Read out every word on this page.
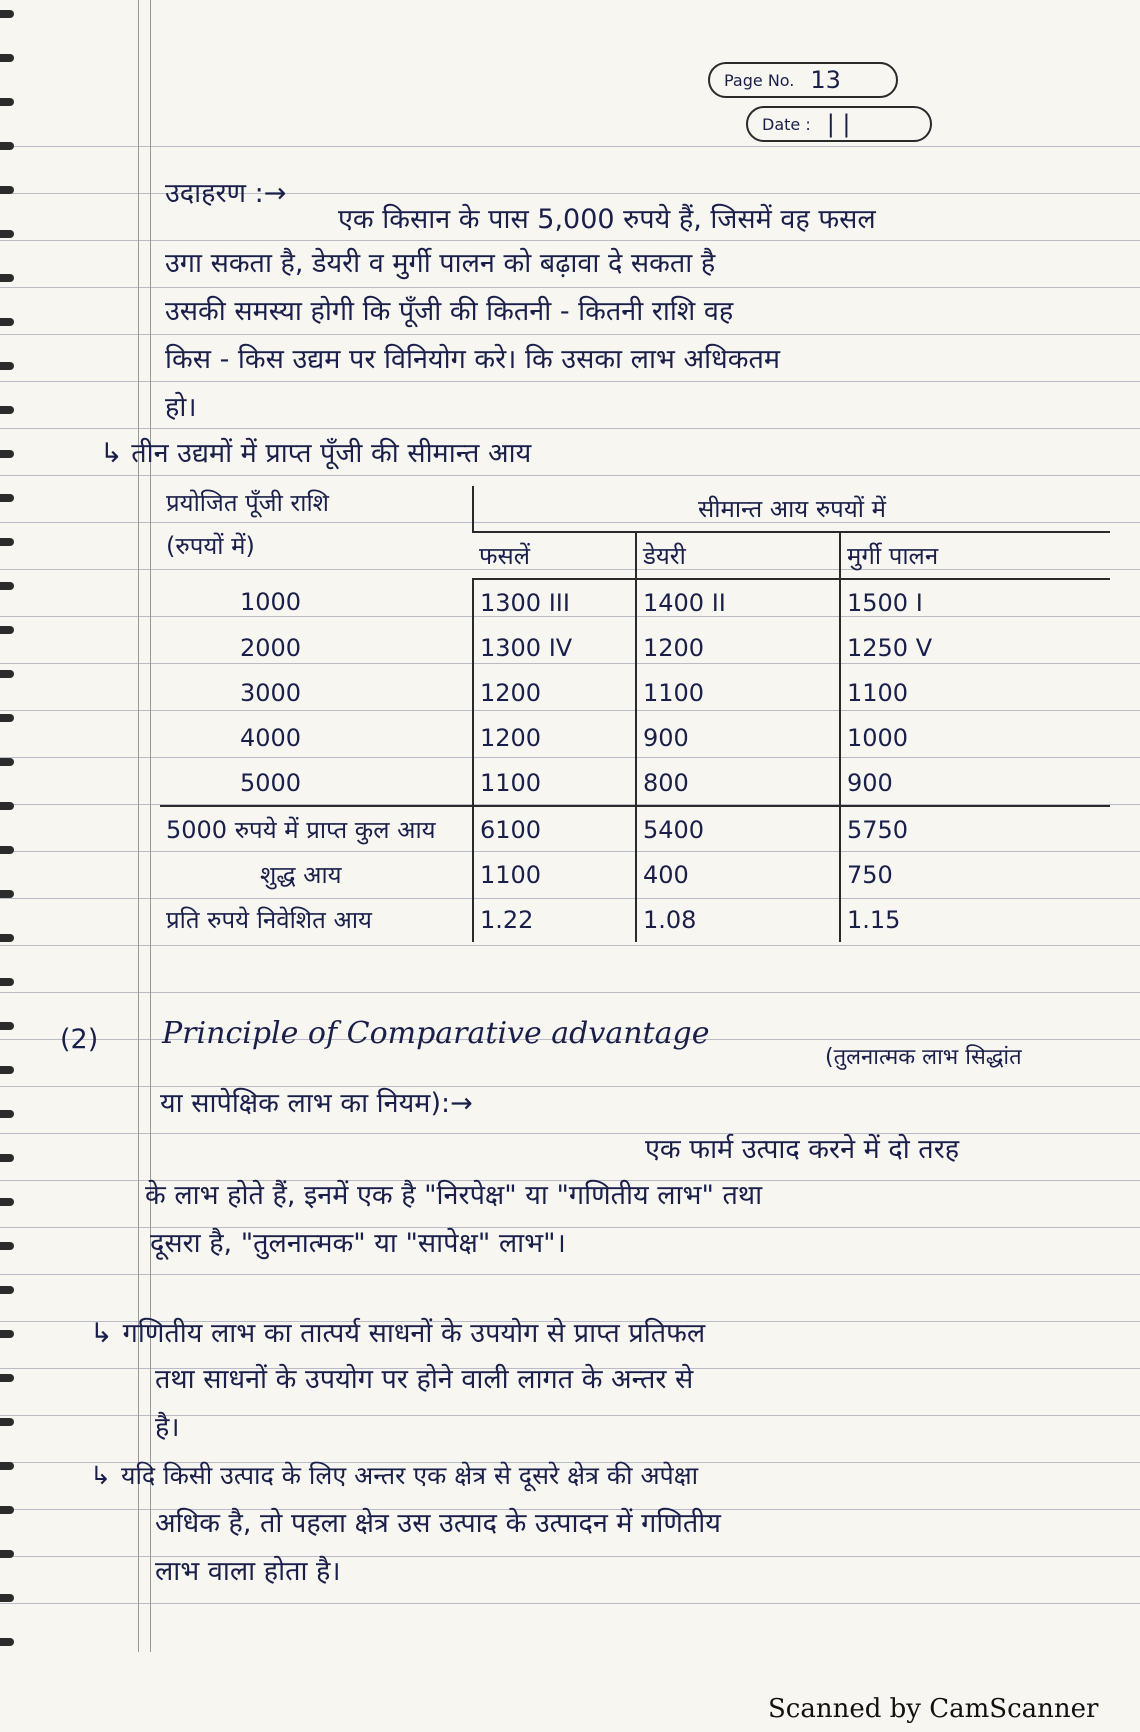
Page No. 13
Date : | |
उदाहरण :→
एक किसान के पास 5,000 रुपये हैं, जिसमें वह फसल
उगा सकता है, डेयरी व मुर्गी पालन को बढ़ावा दे सकता है
उसकी समस्या होगी कि पूँजी की कितनी - कितनी राशि वह
किस - किस उद्यम पर विनियोग करे। कि उसका लाभ अधिकतम
हो।
↳ तीन उद्यमों में प्राप्त पूँजी की सीमान्त आय
प्रयोजित पूँजी राशि
(रुपयों में)	सीमान्त आय रुपयों में		
	फसलें	डेयरी	मुर्गी पालन
1000	1300 III	1400 II	1500 I
2000	1300 IV	1200	1250 V
3000	1200	1100	1100
4000	1200	900	1000
5000	1100	800	900
5000 रुपये में प्राप्त कुल आय	6100	5400	5750
शुद्ध आय	1100	400	750
प्रति रुपये निवेशित आय	1.22	1.08	1.15
(2) Principle of Comparative advantage
(तुलनात्मक लाभ सिद्धांत
या सापेक्षिक लाभ का नियम):→
एक फार्म उत्पाद करने में दो तरह
के लाभ होते हैं, इनमें एक है "निरपेक्ष" या "गणितीय लाभ" तथा
दूसरा है, "तुलनात्मक" या "सापेक्ष" लाभ"।
↳ गणितीय लाभ का तात्पर्य साधनों के उपयोग से प्राप्त प्रतिफल
तथा साधनों के उपयोग पर होने वाली लागत के अन्तर से
है।
↳ यदि किसी उत्पाद के लिए अन्तर एक क्षेत्र से दूसरे क्षेत्र की अपेक्षा
अधिक है, तो पहला क्षेत्र उस उत्पाद के उत्पादन में गणितीय
लाभ वाला होता है।
Scanned by CamScanner
